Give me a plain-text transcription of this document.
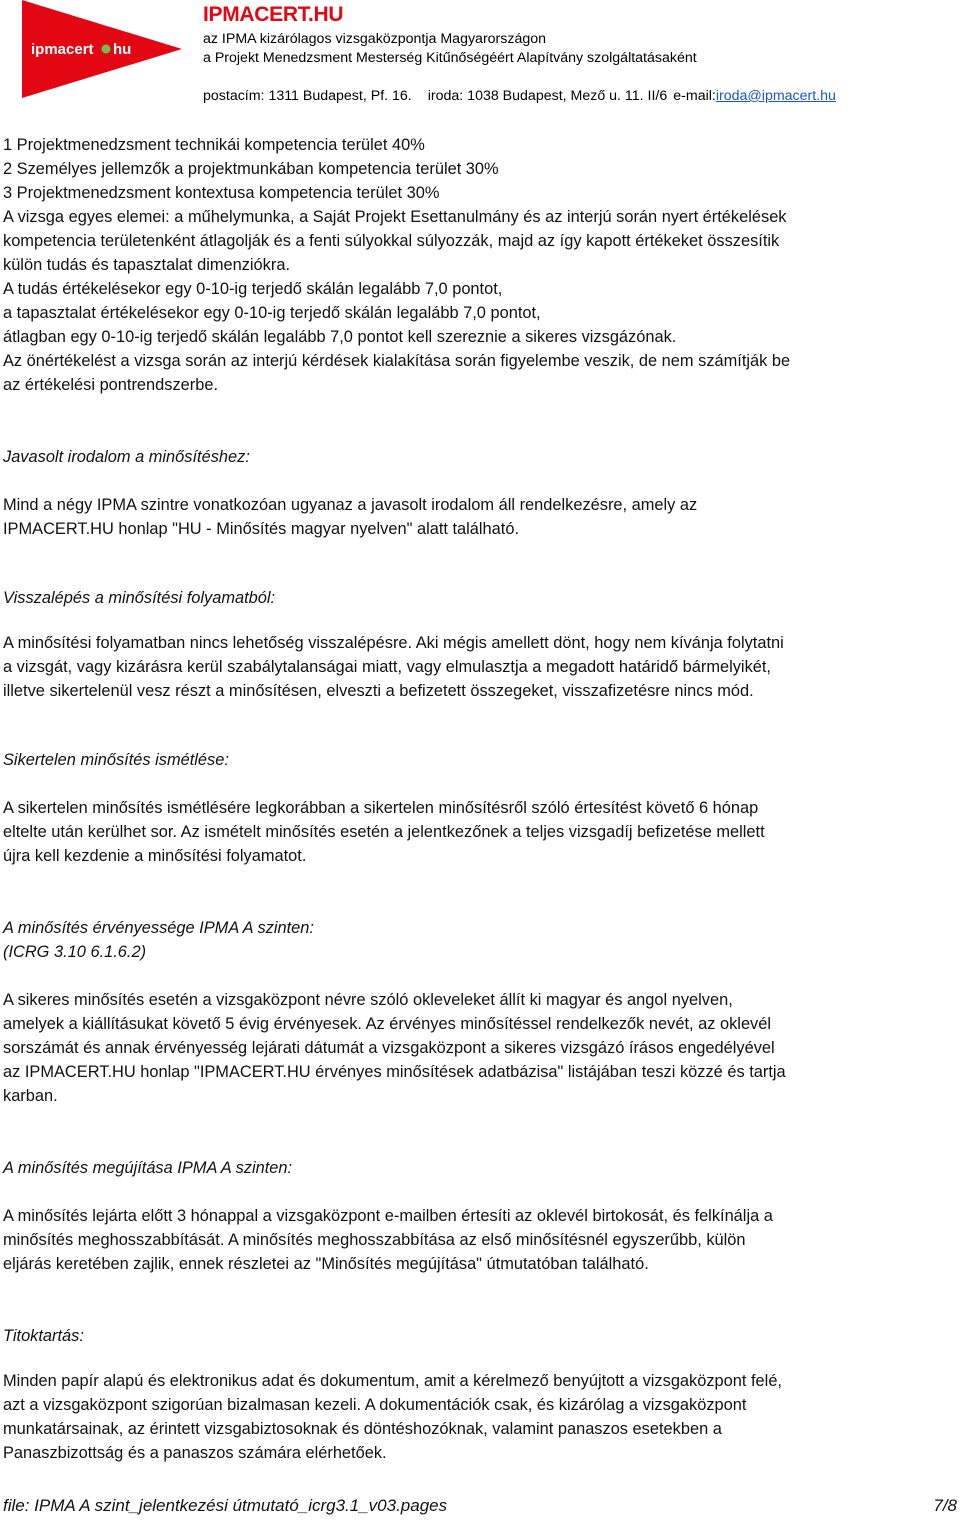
ipmacert hu
IPMACERT.HU
az IPMA kizárólagos vizsgaközpontja Magyarországon
a Projekt Menedzsment Mesterség Kitűnőségéért Alapítvány szolgáltatásaként
postacím: 1311 Budapest, Pf. 16. iroda: 1038 Budapest, Mező u. 11. II/6 e-mail:iroda@ipmacert.hu

1 Projektmenedzsment technikái kompetencia terület 40%
2 Személyes jellemzők a projektmunkában kompetencia terület 30%
3 Projektmenedzsment kontextusa kompetencia terület 30%
A vizsga egyes elemei: a műhelymunka, a Saját Projekt Esettanulmány és az interjú során nyert értékelések
kompetencia területenként átlagolják és a fenti súlyokkal súlyozzák, majd az így kapott értékeket összesítik
külön tudás és tapasztalat dimenziókra.
A tudás értékelésekor egy 0-10-ig terjedő skálán legalább 7,0 pontot,
a tapasztalat értékelésekor egy 0-10-ig terjedő skálán legalább 7,0 pontot,
átlagban egy 0-10-ig terjedő skálán legalább 7,0 pontot kell szereznie a sikeres vizsgázónak.
Az önértékelést a vizsga során az interjú kérdések kialakítása során figyelembe veszik, de nem számítják be
az értékelési pontrendszerbe.

Javasolt irodalom a minősítéshez:

Mind a négy IPMA szintre vonatkozóan ugyanaz a javasolt irodalom áll rendelkezésre, amely az
IPMACERT.HU honlap "HU - Minősítés magyar nyelven" alatt található.

Visszalépés a minősítési folyamatból:

A minősítési folyamatban nincs lehetőség visszalépésre. Aki mégis amellett dönt, hogy nem kívánja folytatni
a vizsgát, vagy kizárásra kerül szabálytalanságai miatt, vagy elmulasztja a megadott határidő bármelyikét,
illetve sikertelenül vesz részt a minősítésen, elveszti a befizetett összegeket, visszafizetésre nincs mód.

Sikertelen minősítés ismétlése:

A sikertelen minősítés ismétlésére legkorábban a sikertelen minősítésről szóló értesítést követő 6 hónap
eltelte után kerülhet sor. Az ismételt minősítés esetén a jelentkezőnek a teljes vizsgadíj befizetése mellett
újra kell kezdenie a minősítési folyamatot.

A minősítés érvényessége IPMA A szinten:
(ICRG 3.10 6.1.6.2)

A sikeres minősítés esetén a vizsgaközpont névre szóló okleveleket állít ki magyar és angol nyelven,
amelyek a kiállításukat követő 5 évig érvényesek. Az érvényes minősítéssel rendelkezők nevét, az oklevél
sorszámát és annak érvényesség lejárati dátumát a vizsgaközpont a sikeres vizsgázó írásos engedélyével
az IPMACERT.HU honlap "IPMACERT.HU érvényes minősítések adatbázisa" listájában teszi közzé és tartja
karban.

A minősítés megújítása IPMA A szinten:

A minősítés lejárta előtt 3 hónappal a vizsgaközpont e-mailben értesíti az oklevél birtokosát, és felkínálja a
minősítés meghosszabbítását. A minősítés meghosszabbítása az első minősítésnél egyszerűbb, külön
eljárás keretében zajlik, ennek részletei az "Minősítés megújítása" útmutatóban található.

Titoktartás:

Minden papír alapú és elektronikus adat és dokumentum, amit a kérelmező benyújtott a vizsgaközpont felé,
azt a vizsgaközpont szigorúan bizalmasan kezeli. A dokumentációk csak, és kizárólag a vizsgaközpont
munkatársainak, az érintett vizsgabiztosoknak és döntéshozóknak, valamint panaszos esetekben a
Panaszbizottság és a panaszos számára elérhetőek.

file: IPMA A szint_jelentkezési útmutató_icrg3.1_v03.pages	7/8
